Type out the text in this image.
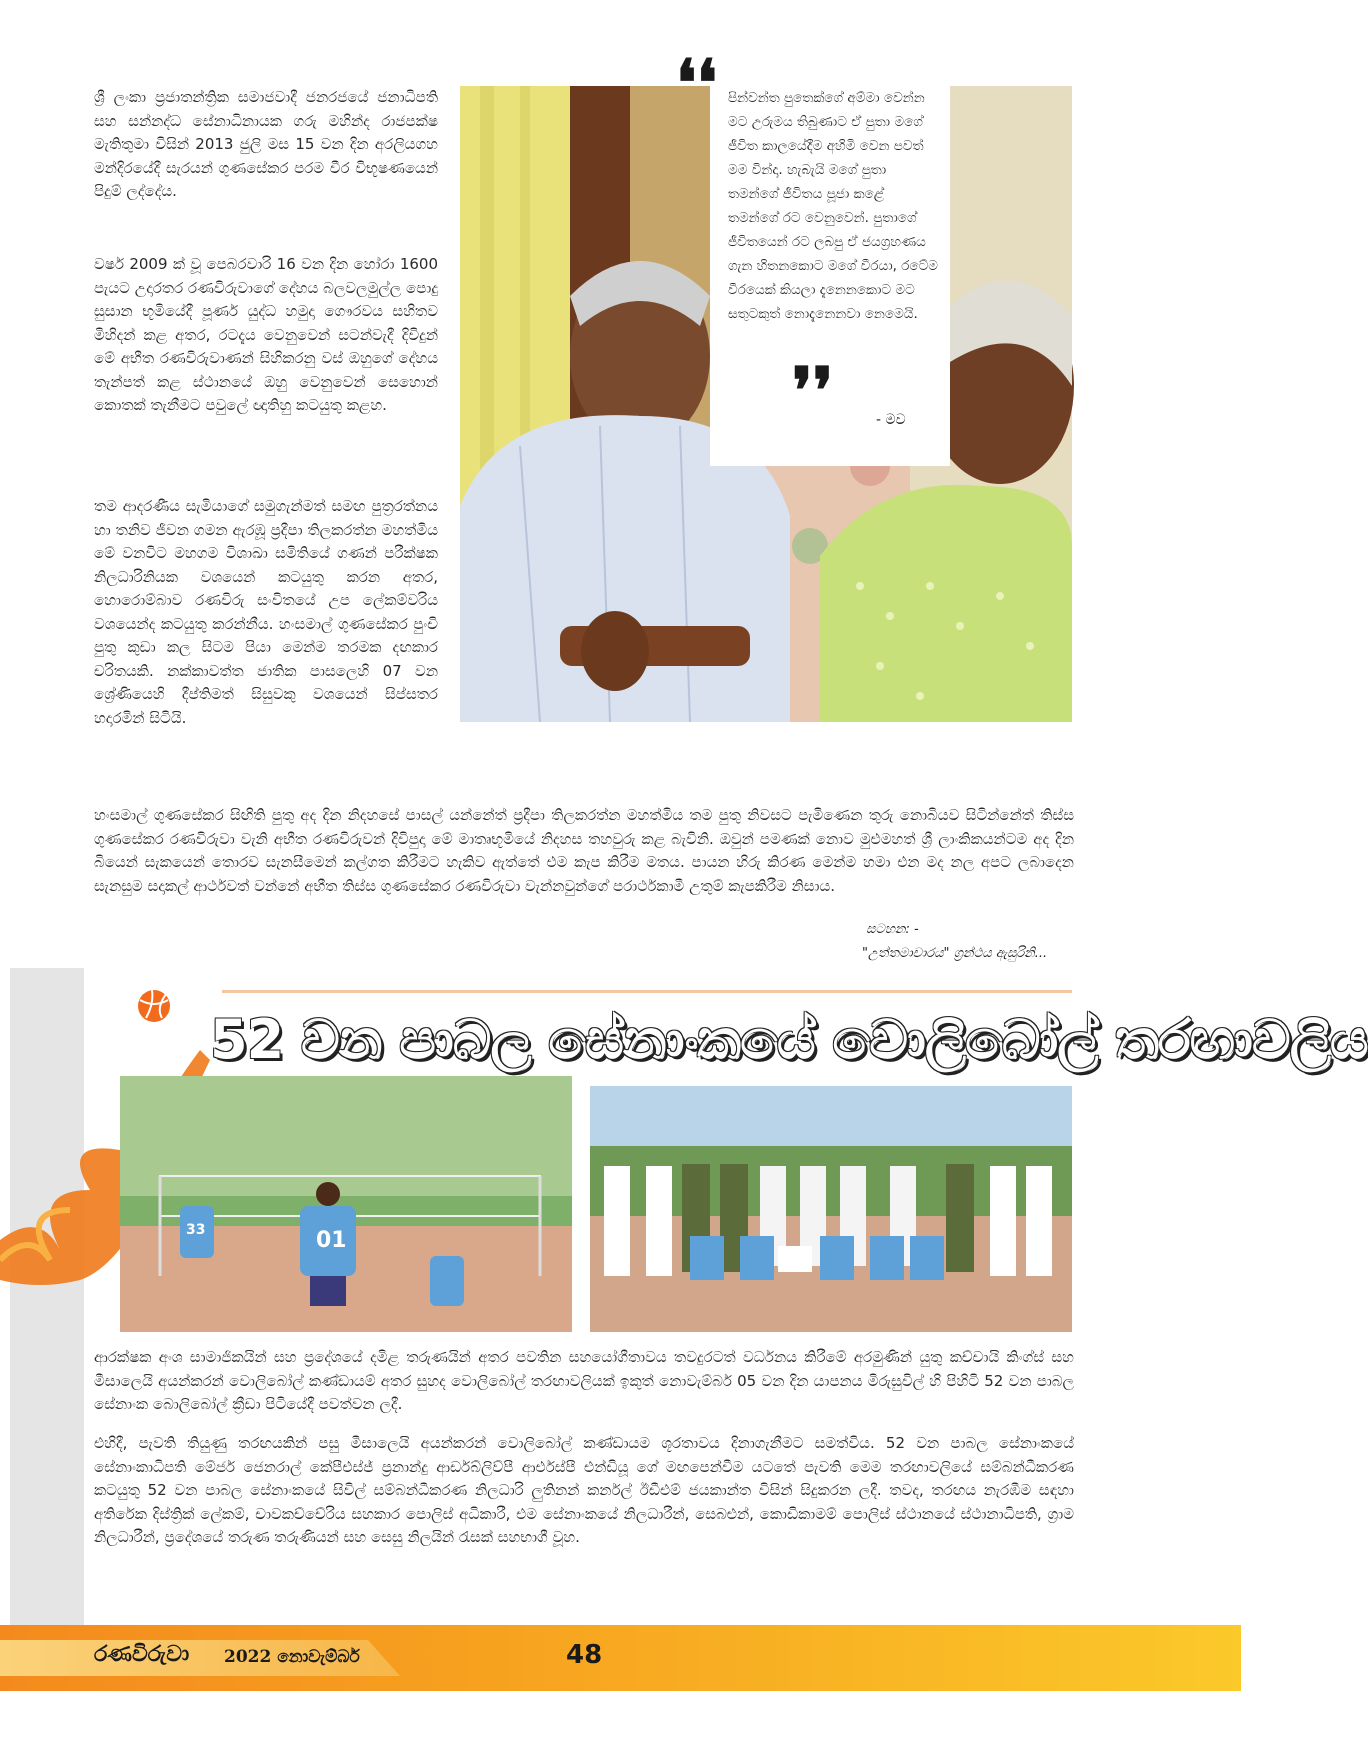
ශ්‍රී ලංකා ප්‍රජාතන්ත්‍රික සමාජවාදී ජනරජයේ ජනාධිපති සහ සන්නද්ධ සේනාධිනායක ගරු මහින්ද රාජපක්ෂ මැතිතුමා විසින් 2013 ජුලි මස 15 වන දින අරලියගහ මන්දිරයේදී සැරයන් ගුණසේකර පරම වීර විභූෂණයෙන් පිදුම් ලද්දේය.
වර්ෂ 2009 ක් වූ පෙබරවාරි 16 වන දින හෝරා 1600 පැයට උදාරතර රණවිරුවාගේ දේහය බලවලමුල්ල පොදු සුසාන භූමියේදී පූර්ණ යුද්ධ හමුදා ගෞරවය සහිතව මිහිදන් කළ අතර, රටදැය වෙනුවෙන් සටන්වැදී දිවිදුන් මේ අභීත රණවිරුවාණන් සිහිකරනු වස් ඔහුගේ දේහය තැන්පත් කළ ස්ථානයේ ඔහු වෙනුවෙන් සෙහොන් කොතක් තැනීමට පවුලේ ඥාතිහු කටයුතු කළහ.
තම ආදරණීය සැමියාගේ සමුගැන්මත් සමඟ පුත්‍රරත්නය හා තනිව ජීවන ගමන ඇරඹූ ප්‍රදීපා තිලකරත්න මහත්මිය මේ වනවිට මහගම විශාඛා සමිතියේ ගණන් පරීක්ෂක නිලධාරිනියක වශයෙන් කටයුතු කරන අතර, හොරොම්බාව රණවිරු සංවිතයේ උප ලේකම්වරිය වශයෙන්ද කටයුතු කරන්නීය. හංසමාල් ගුණසේකර පුංචි පුතු කුඩා කල සිටම පියා මෙන්ම තරමක දඟකාර චරිතයකි. නක්කාවත්ත ජාතික පාසලෙහි 07 වන ශ්‍රේණියෙහි දීප්තිමත් සිසුවකු වශයෙන් සිප්සතර හදාරමින් සිටියි.
පින්වන්ත පුතෙක්ගේ අම්මා වෙන්න මට උරුමය තිබුණාට ඒ පුතා මගේ ජීවිත කාලයේදීම අහිමි වෙන පවත් මම වින්දා. හැබැයි මගේ පුතා තමන්ගේ ජීවිතය පූජා කළේ තමන්ගේ රට වෙනුවෙන්. පුතාගේ ජීවිතයෙන් රට ලබපු ඒ ජයග්‍රහණය ගැන හිතනකොට මගේ වීරයා, රටේම වීරයෙක් කියලා දැනෙනකොට මට සතුටකුත් නොදැනෙනවා නෙමෙයි.
❛❛
❜❜	- මව
හංසමාල් ගුණසේකර සිඟිති පුතු අද දින නිදහසේ පාසල් යන්නේත් ප්‍රදීපා තිලකරත්න මහත්මිය තම පුතු නිවසට පැමිණෙන තුරු නොබියව සිටින්නේත් තිස්ස ගුණසේකර රණවිරුවා වැනි අභීත රණවිරුවන් දිවිපුදා මේ මාතෘභූමියේ නිදහස තහවුරු කළ බැවිනි. ඔවුන් පමණක් නොව මුළුමහත් ශ්‍රී ලාංකිකයන්ටම අද දින බියෙන් සැකයෙන් තොරව සැනසීමෙන් කල්ගත කිරීමට හැකිව ඇත්තේ එම කැප කිරීම මතය. පායන හිරු කිරණ මෙන්ම හමා එන මද නල අපට ලබාදෙන සැනසුම සදාකල් ආර්ථවත් වන්නේ අභීත තිස්ස ගුණසේකර රණවිරුවා වැන්නවුන්ගේ පරාර්ථකාමී උතුම් කැපකිරීම නිසාය.
සටහන: -
"උත්තමාචාරය" ග්‍රන්ථය ඇසුරිනි...
52 වන පාබල සේනාංකයේ වොලිබෝල් තරඟාවලිය
01
33
ආරක්ෂක අංශ සාමාජිකයින් සහ ප්‍රදේශයේ දමිළ තරුණයින් අතර පවතින සහයෝගීතාවය තවදුරටත් වර්ධනය කිරීමේ අරමුණින් යුතු කච්චායි කිංග්ස් සහ මීසාලෙයි අයන්කරන් වොලිබෝල් කණ්ඩායම් අතර සුහද වොලිබෝල් තරඟාවලියක් ඉකුත් නොවැම්බර් 05 වන දින යාපනය මිරුසුවිල් හි පිහිටි 52 වන පාබල සේනාංක බොලිබෝල් ක්‍රීඩා පිටියේදී පවත්වන ලදී.
එහිදී, පැවති තියුණු තරඟයකින් පසු මීසාලෙයි අයන්කරන් වොලිබෝල් කණ්ඩායම ශූරතාවය දිනාගැනීමට සමත්විය. 52 වන පාබල සේනාංකයේ සේනාංකාධිපති මේජර් ජෙනරාල් කේපීඑස්ජ් ප්‍රනාන්දු ආර්ඩබ්ලිව්පී ආර්එස්පී එන්ඩියූ ගේ මඟපෙන්වීම යටතේ පැවති මෙම තරඟාවලියේ සම්බන්ධීකරණ කටයුතු 52 වන පාබල සේනාංකයේ සිවිල් සම්බන්ධීකරණ නිලධාරි ලුතිනන් කර්නල් ඊඩීඑම් ජයකාන්ත විසින් සිදුකරන ලදී. තවද, තරඟය නැරඹීම සඳහා අතිරේක දිස්ත්‍රික් ලේකම්, චාවකච්චේරිය සහකාර පොලිස් අධිකාරී, එම සේනාංකයේ නිලධාරීන්, සෙබළුන්, කොඩිකාමම් පොලිස් ස්ථානයේ ස්ථානාධිපති, ග්‍රාම නිලධාරීන්, ප්‍රදේශයේ තරුණ තරුණියන් සහ සෙසු නිලයින් රැසක් සහභාගී වූහ.
රණවිරුවා 2022 නොවැම්බර්	48
